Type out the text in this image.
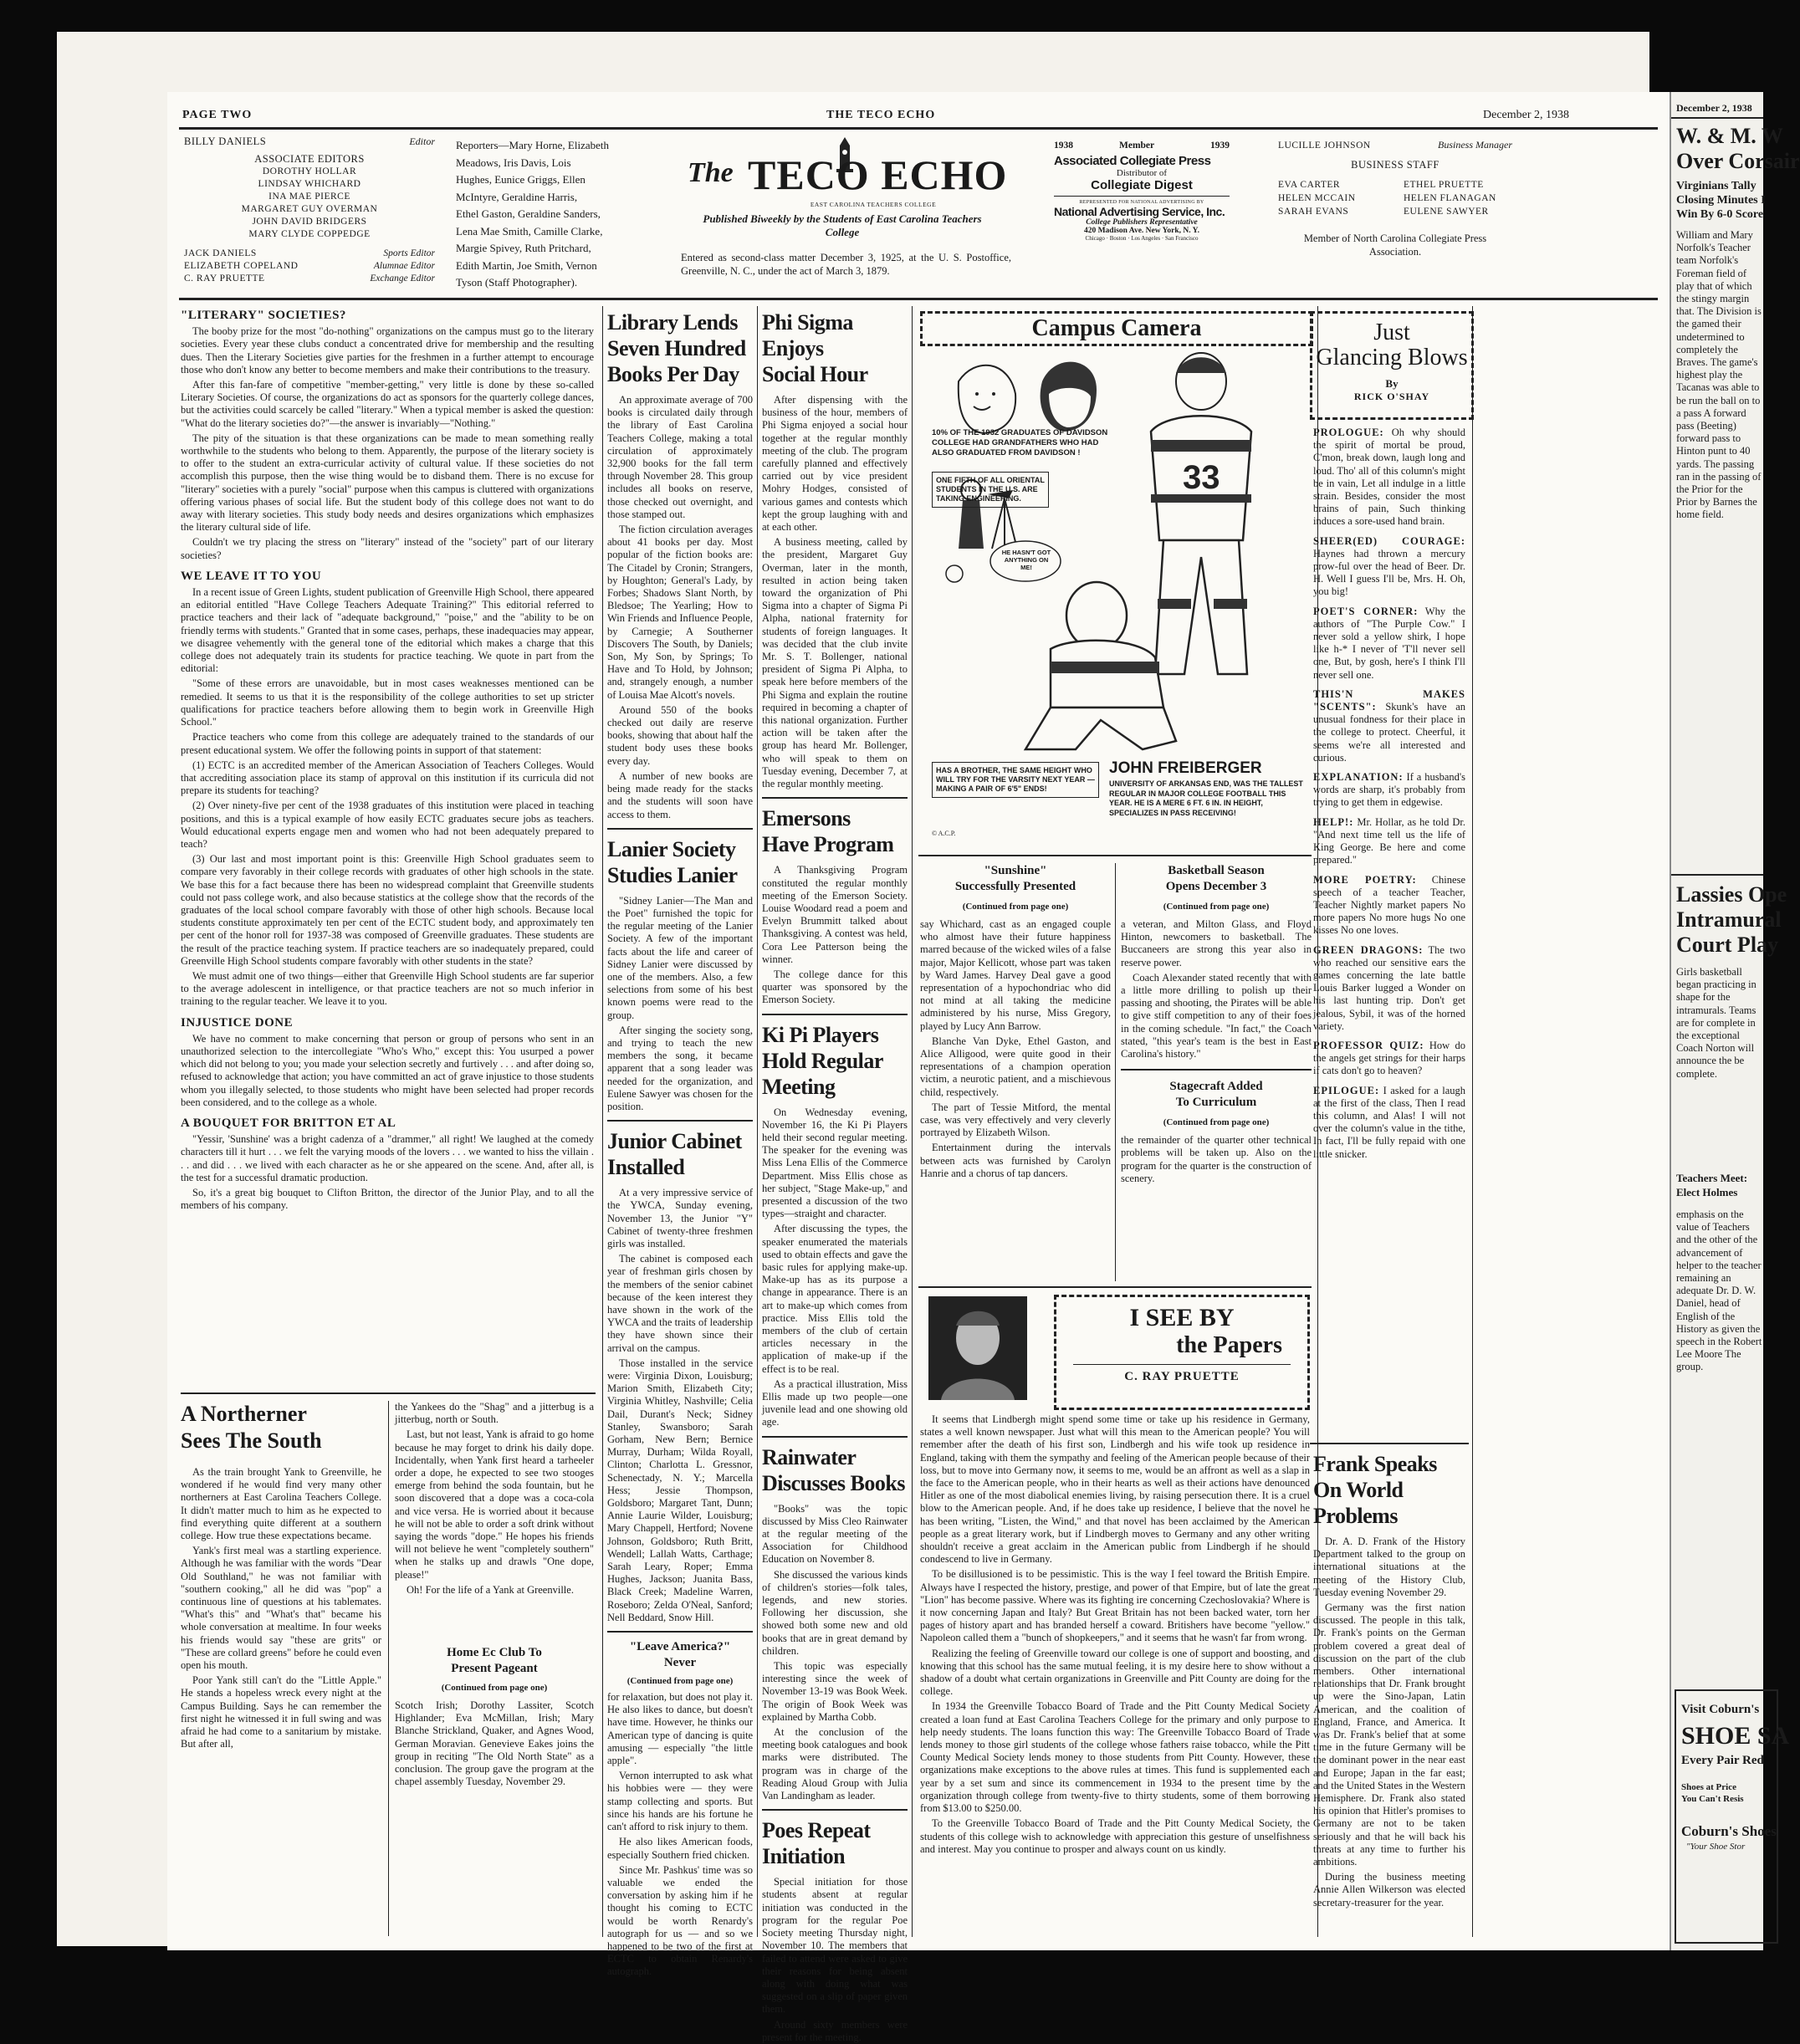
PAGE TWO	THE TECO ECHO	December 2, 1938
BILLY DANIELS	Editor
ASSOCIATE EDITORS
DOROTHY HOLLAR
LINDSAY WHICHARD
INA MAE PIERCE
MARGARET GUY OVERMAN
JOHN DAVID BRIDGERS
MARY CLYDE COPPEDGE
JACK DANIELS	Sports Editor
ELIZABETH COPELAND	Alumnae Editor
C. RAY PRUETTE	Exchange Editor
Reporters—Mary Horne, Elizabeth
Meadows, Iris Davis, Lois
Hughes, Eunice Griggs, Ellen
McIntyre, Geraldine Harris,
Ethel Gaston, Geraldine Sanders,
Lena Mae Smith, Camille Clarke,
Margie Spivey, Ruth Pritchard,
Edith Martin, Joe Smith, Vernon
Tyson (Staff Photographer).
The TECO ECHO
EAST CAROLINA TEACHERS COLLEGE
Published Biweekly by the Students of East Carolina Teachers College
Entered as second-class matter December 3, 1925, at the U. S. Postoffice, Greenville, N. C., under the act of March 3, 1879.
1938	Member	1939
Associated Collegiate Press
Distributor of
Collegiate Digest
REPRESENTED FOR NATIONAL ADVERTISING BY
National Advertising Service, Inc.
College Publishers Representative
420 Madison Ave. New York, N. Y.
Chicago · Boston · Los Angeles · San Francisco
LUCILLE JOHNSON	Business Manager
BUSINESS STAFF
EVA CARTER
HELEN MCCAIN
SARAH EVANS
ETHEL PRUETTE
HELEN FLANAGAN
EULENE SAWYER
Member of North Carolina Collegiate Press Association.
"LITERARY" SOCIETIES?

The booby prize for the most "do-nothing" organizations on the campus must go to the literary societies. Every year these clubs conduct a concentrated drive for membership and the resulting dues. Then the Literary Societies give parties for the freshmen in a further attempt to encourage those who don't know any better to become members and make their contributions to the treasury.

After this fan-fare of competitive "member-getting," very little is done by these so-called Literary Societies. Of course, the organizations do act as sponsors for the quarterly college dances, but the activities could scarcely be called "literary." When a typical member is asked the question: "What do the literary societies do?"—the answer is invariably—"Nothing."

The pity of the situation is that these organizations can be made to mean something really worthwhile to the students who belong to them. Apparently, the purpose of the literary society is to offer to the student an extra-curricular activity of cultural value. If these societies do not accomplish this purpose, then the wise thing would be to disband them. There is no excuse for "literary" societies with a purely "social" purpose when this campus is cluttered with organizations offering various phases of social life. But the student body of this college does not want to do away with literary societies. This study body needs and desires organizations which emphasizes the literary cultural side of life.

Couldn't we try placing the stress on "literary" instead of the "society" part of our literary societies?

WE LEAVE IT TO YOU

In a recent issue of Green Lights, student publication of Greenville High School, there appeared an editorial entitled "Have College Teachers Adequate Training?" This editorial referred to practice teachers and their lack of "adequate background," "poise," and the "ability to be on friendly terms with students." Granted that in some cases, perhaps, these inadequacies may appear, we disagree vehemently with the general tone of the editorial which makes a charge that this college does not adequately train its students for practice teaching. We quote in part from the editorial:

"Some of these errors are unavoidable, but in most cases weaknesses mentioned can be remedied. It seems to us that it is the responsibility of the college authorities to set up stricter qualifications for practice teachers before allowing them to begin work in Greenville High School."

Practice teachers who come from this college are adequately trained to the standards of our present educational system. We offer the following points in support of that statement:

(1) ECTC is an accredited member of the American Association of Teachers Colleges. Would that accrediting association place its stamp of approval on this institution if its curricula did not prepare its students for teaching?

(2) Over ninety-five per cent of the 1938 graduates of this institution were placed in teaching positions, and this is a typical example of how easily ECTC graduates secure jobs as teachers. Would educational experts engage men and women who had not been adequately prepared to teach?

(3) Our last and most important point is this: Greenville High School graduates seem to compare very favorably in their college records with graduates of other high schools in the state. We base this for a fact because there has been no widespread complaint that Greenville students could not pass college work, and also because statistics at the college show that the records of the graduates of the local school compare favorably with those of other high schools. Because local students constitute approximately ten per cent of the ECTC student body, and approximately ten per cent of the honor roll for 1937-38 was composed of Greenville graduates. These students are the result of the practice teaching system. If practice teachers are so inadequately prepared, could Greenville High School students compare favorably with other students in the state?

We must admit one of two things—either that Greenville High School students are far superior to the average adolescent in intelligence, or that practice teachers are not so much inferior in training to the regular teacher. We leave it to you.

INJUSTICE DONE

We have no comment to make concerning that person or group of persons who sent in an unauthorized selection to the intercollegiate "Who's Who," except this: You usurped a power which did not belong to you; you made your selection secretly and furtively . . . and after doing so, refused to acknowledge that action; you have committed an act of grave injustice to those students whom you illegally selected, to those students who might have been selected had proper records been considered, and to the college as a whole.

A BOUQUET FOR BRITTON ET AL

"Yessir, 'Sunshine' was a bright cadenza of a "drammer," all right! We laughed at the comedy characters till it hurt . . . we felt the varying moods of the lovers . . . we wanted to hiss the villain . . . and did . . . we lived with each character as he or she appeared on the scene. And, after all, is the test for a successful dramatic production.

So, it's a great big bouquet to Clifton Britton, the director of the Junior Play, and to all the members of his company.

A Northerner
Sees The South

As the train brought Yank to Greenville, he wondered if he would find very many other northerners at East Carolina Teachers College. It didn't matter much to him as he expected to find everything quite different at a southern college. How true these expectations became.

Yank's first meal was a startling experience. Although he was familiar with the words "Dear Old Southland," he was not familiar with "southern cooking," all he did was "pop" a continuous line of questions at his tablemates. "What's this" and "What's that" became his whole conversation at mealtime. In four weeks his friends would say "these are grits" or "These are collard greens" before he could even open his mouth.

Poor Yank still can't do the "Little Apple." He stands a hopeless wreck every night at the Campus Building. Says he can remember the first night he witnessed it in full swing and was afraid he had come to a sanitarium by mistake. But after all,

the Yankees do the "Shag" and a jitterbug is a jitterbug, north or South.

Last, but not least, Yank is afraid to go home because he may forget to drink his daily dope. Incidentally, when Yank first heard a tarheeler order a dope, he expected to see two stooges emerge from behind the soda fountain, but he soon discovered that a dope was a coca-cola and vice versa. He is worried about it because he will not be able to order a soft drink without saying the words "dope." He hopes his friends will not believe he went "completely southern" when he stalks up and drawls "One dope, please!"

Oh! For the life of a Yank at Greenville.

Home Ec Club To
Present Pageant
(Continued from page one)
Scotch Irish; Dorothy Lassiter, Scotch Highlander; Eva McMillan, Irish; Mary Blanche Strickland, Quaker, and Agnes Wood, German Moravian. Genevieve Eakes joins the group in reciting "The Old North State" as a conclusion. The group gave the program at the chapel assembly Tuesday, November 29.
Library Lends
Seven Hundred
Books Per Day

An approximate average of 700 books is circulated daily through the library of East Carolina Teachers College, making a total circulation of approximately 32,900 books for the fall term through November 28. This group includes all books on reserve, those checked out overnight, and those stamped out.

The fiction circulation averages about 41 books per day. Most popular of the fiction books are: The Citadel by Cronin; Strangers, by Houghton; General's Lady, by Forbes; Shadows Slant North, by Bledsoe; The Yearling; How to Win Friends and Influence People, by Carnegie; A Southerner Discovers The South, by Daniels; Son, My Son, by Springs; To Have and To Hold, by Johnson; and, strangely enough, a number of Louisa Mae Alcott's novels.

Around 550 of the books checked out daily are reserve books, showing that about half the student body uses these books every day.

A number of new books are being made ready for the stacks and the students will soon have access to them.

Lanier Society
Studies Lanier

"Sidney Lanier—The Man and the Poet" furnished the topic for the regular meeting of the Lanier Society. A few of the important facts about the life and career of Sidney Lanier were discussed by one of the members. Also, a few selections from some of his best known poems were read to the group.

After singing the society song, and trying to teach the new members the song, it became apparent that a song leader was needed for the organization, and Eulene Sawyer was chosen for the position.

Junior Cabinet
Installed

At a very impressive service of the YWCA, Sunday evening, November 13, the Junior "Y" Cabinet of twenty-three freshmen girls was installed.

The cabinet is composed each year of freshman girls chosen by the members of the senior cabinet because of the keen interest they have shown in the work of the YWCA and the traits of leadership they have shown since their arrival on the campus.

Those installed in the service were: Virginia Dixon, Louisburg; Marion Smith, Elizabeth City; Virginia Whitley, Nashville; Celia Dail, Durant's Neck; Sidney Stanley, Swansboro; Sarah Gorham, New Bern; Bernice Murray, Durham; Wilda Royall, Clinton; Charlotta L. Gressnor, Schenectady, N. Y.; Marcella Hess; Jessie Thompson, Goldsboro; Margaret Tant, Dunn; Annie Laurie Wilder, Louisburg; Mary Chappell, Hertford; Novene Johnson, Goldsboro; Ruth Britt, Wendell; Lallah Watts, Carthage; Sarah Leary, Roper; Emma Hughes, Jackson; Juanita Bass, Black Creek; Madeline Warren, Roseboro; Zelda O'Neal, Sanford; Nell Beddard, Snow Hill.

"Leave America?"
Never
(Continued from page one)

for relaxation, but does not play it. He also likes to dance, but doesn't have time. However, he thinks our American type of dancing is quite amusing — especially "the little apple".

Vernon interrupted to ask what his hobbies were — they were stamp collecting and sports. But since his hands are his fortune he can't afford to risk injury to them.

He also likes American foods, especially Southern fried chicken.

Since Mr. Pashkus' time was so valuable we ended the conversation by asking him if he thought his coming to ECTC would be worth Renardy's autograph for us — and so we happened to be two of the first at ECTC to obtain Renardy's autograph.

Phi Sigma
Enjoys
Social Hour

After dispensing with the business of the hour, members of Phi Sigma enjoyed a social hour together at the regular monthly meeting of the club. The program carefully planned and effectively carried out by vice president Mohry Hodges, consisted of various games and contests which kept the group laughing with and at each other.

A business meeting, called by the president, Margaret Guy Overman, later in the month, resulted in action being taken toward the organization of Phi Sigma into a chapter of Sigma Pi Alpha, national fraternity for students of foreign languages. It was decided that the club invite Mr. S. T. Bollenger, national president of Sigma Pi Alpha, to speak here before members of the Phi Sigma and explain the routine required in becoming a chapter of this national organization. Further action will be taken after the group has heard Mr. Bollenger, who will speak to them on Tuesday evening, December 7, at the regular monthly meeting.

Emersons
Have Program

A Thanksgiving Program constituted the regular monthly meeting of the Emerson Society. Louise Woodard read a poem and Evelyn Brummitt talked about Thanksgiving. A contest was held, Cora Lee Patterson being the winner.

The college dance for this quarter was sponsored by the Emerson Society.

Ki Pi Players
Hold Regular
Meeting

On Wednesday evening, November 16, the Ki Pi Players held their second regular meeting. The speaker for the evening was Miss Lena Ellis of the Commerce Department. Miss Ellis chose as her subject, "Stage Make-up," and presented a discussion of the two types—straight and character.

After discussing the types, the speaker enumerated the materials used to obtain effects and gave the basic rules for applying make-up. Make-up has as its purpose a change in appearance. There is an art to make-up which comes from practice. Miss Ellis told the members of the club of certain articles necessary in the application of make-up if the effect is to be real.

As a practical illustration, Miss Ellis made up two people—one juvenile lead and one showing old age.

Rainwater
Discusses Books

"Books" was the topic discussed by Miss Cleo Rainwater at the regular meeting of the Association for Childhood Education on November 8.

She discussed the various kinds of children's stories—folk tales, legends, and new stories. Following her discussion, she showed both some new and old books that are in great demand by children.

This topic was especially interesting since the week of November 13-19 was Book Week. The origin of Book Week was explained by Martha Cobb.

At the conclusion of the meeting book catalogues and book marks were distributed. The program was in charge of the Reading Aloud Group with Julia Van Landingham as leader.

Poes Repeat
Initiation

Special initiation for those students absent at regular initiation was conducted in the program for the regular Poe Society meeting Thursday night, November 10. The members that failed to attend were asked to give their reasons for being absent along with doing what was suggested on a slip of paper given them.

Around sixty members were present for the meeting.

Campus Camera
33
10% OF THE 1932 GRADUATES OF DAVIDSON COLLEGE HAD GRANDFATHERS WHO HAD ALSO GRADUATED FROM DAVIDSON !
ONE FIFTH OF ALL ORIENTAL STUDENTS IN THE U.S. ARE TAKING ENGINEERING.
HE HASN'T GOT ANYTHING ON ME!
HAS A BROTHER, THE SAME HEIGHT WHO WILL TRY FOR THE VARSITY NEXT YEAR — MAKING A PAIR OF 6'5" ENDS!
JOHN FREIBERGER
UNIVERSITY OF ARKANSAS END, WAS THE TALLEST REGULAR IN MAJOR COLLEGE FOOTBALL THIS YEAR. HE IS A MERE 6 FT. 6 IN. IN HEIGHT, SPECIALIZES IN PASS RECEIVING!
© A.C.P.
"Sunshine"
Successfully Presented
(Continued from page one)

say Whichard, cast as an engaged couple who almost have their future happiness marred because of the wicked wiles of a false major, Major Kellicott, whose part was taken by Ward James. Harvey Deal gave a good representation of a hypochondriac who did not mind at all taking the medicine administered by his nurse, Miss Gregory, played by Lucy Ann Barrow.

Blanche Van Dyke, Ethel Gaston, and Alice Alligood, were quite good in their representations of a champion operation victim, a neurotic patient, and a mischievous child, respectively.

The part of Tessie Mitford, the mental case, was very effectively and very cleverly portrayed by Elizabeth Wilson.

Entertainment during the intervals between acts was furnished by Carolyn Hanrie and a chorus of tap dancers.

Basketball Season
Opens December 3
(Continued from page one)

a veteran, and Milton Glass, and Floyd Hinton, newcomers to basketball. The Buccaneers are strong this year also in reserve power.

Coach Alexander stated recently that with a little more drilling to polish up their passing and shooting, the Pirates will be able to give stiff competition to any of their foes in the coming schedule. "In fact," the Coach stated, "this year's team is the best in East Carolina's history."

Stagecraft Added
To Curriculum
(Continued from page one)
the remainder of the quarter other technical problems will be taken up. Also on the program for the quarter is the construction of scenery.
I SEE BY
the Papers
C. RAY PRUETTE

It seems that Lindbergh might spend some time or take up his residence in Germany, states a well known newspaper. Just what will this mean to the American people? You will remember after the death of his first son, Lindbergh and his wife took up residence in England, taking with them the sympathy and feeling of the American people because of their loss, but to move into Germany now, it seems to me, would be an affront as well as a slap in the face to the American people, who in their hearts as well as their actions have denounced Hitler as one of the most diabolical enemies living, by raising persecution there. It is a cruel blow to the American people. And, if he does take up residence, I believe that the novel he has been writing, "Listen, the Wind," and that novel has been acclaimed by the American people as a great literary work, but if Lindbergh moves to Germany and any other writing shouldn't receive a great acclaim in the American public from Lindbergh if he should condescend to live in Germany.

To be disillusioned is to be pessimistic. This is the way I feel toward the British Empire. Always have I respected the history, prestige, and power of that Empire, but of late the great "Lion" has become passive. Where was its fighting ire concerning Czechoslovakia? Where is it now concerning Japan and Italy? But Great Britain has not been backed water, torn her pages of history apart and has branded herself a coward. Britishers have become "yellow." Napoleon called them a "bunch of shopkeepers," and it seems that he wasn't far from wrong.

Realizing the feeling of Greenville toward our college is one of support and boosting, and knowing that this school has the same mutual feeling, it is my desire here to show without a shadow of a doubt what certain organizations in Greenville and Pitt County are doing for the college.

In 1934 the Greenville Tobacco Board of Trade and the Pitt County Medical Society created a loan fund at East Carolina Teachers College for the primary and only purpose to help needy students. The loans function this way: The Greenville Tobacco Board of Trade lends money to those girl students of the college whose fathers raise tobacco, while the Pitt County Medical Society lends money to those students from Pitt County. However, these organizations make exceptions to the above rules at times. This fund is supplemented each year by a set sum and since its commencement in 1934 to the present time by the organization through college from twenty-five to thirty students, some of them borrowing from $13.00 to $250.00.

To the Greenville Tobacco Board of Trade and the Pitt County Medical Society, the students of this college wish to acknowledge with appreciation this gesture of unselfishness and interest. May you continue to prosper and always count on us kindly.

Just
Glancing Blows
By
RICK O'SHAY

PROLOGUE: Oh why should the spirit of mortal be proud, C'mon, break down, laugh long and loud. Tho' all of this column's might be in vain, Let all indulge in a little strain. Besides, consider the most brains of pain, Such thinking induces a sore-used hand brain.

SHEER(ED) COURAGE: Haynes had thrown a mercury prow-ful over the head of Beer. Dr. H. Well I guess I'll be, Mrs. H. Oh, you big!

POET'S CORNER: Why the authors of "The Purple Cow." I never sold a yellow shirk, I hope like h-* I never of 'T'll never sell one, But, by gosh, here's I think I'll never sell one.

THIS'N MAKES "SCENTS": Skunk's have an unusual fondness for their place in the college to protect. Cheerful, it seems we're all interested and curious.

EXPLANATION: If a husband's words are sharp, it's probably from trying to get them in edgewise.

HELP!: Mr. Hollar, as he told Dr. "And next time tell us the life of King George. Be here and come prepared."

MORE POETRY: Chinese speech of a teacher Teacher, Teacher Nightly market papers No more papers No more hugs No one kisses No one loves.

GREEN DRAGONS: The two who reached our sensitive ears the games concerning the late battle Louis Barker lugged a Wonder on his last hunting trip. Don't get jealous, Sybil, it was of the horned variety.

PROFESSOR QUIZ: How do the angels get strings for their harps if cats don't go to heaven?

EPILOGUE: I asked for a laugh at the first of the class, Then I read this column, and Alas! I will not over the column's value in the tithe, In fact, I'll be fully repaid with one little snicker.

Frank Speaks
On World
Problems

Dr. A. D. Frank of the History Department talked to the group on international situations at the meeting of the History Club, Tuesday evening November 29.

Germany was the first nation discussed. The people in this talk, Dr. Frank's points on the German problem covered a great deal of discussion on the part of the club members. Other international relationships that Dr. Frank brought up were the Sino-Japan, Latin American, and the coalition of England, France, and America. It was Dr. Frank's belief that at some time in the future Germany will be the dominant power in the near east and Europe; Japan in the far east; and the United States in the Western Hemisphere. Dr. Frank also stated his opinion that Hitler's promises to Germany are not to be taken seriously and that he will back his threats at any time to further his ambitions.

During the business meeting Annie Allen Wilkerson was elected secretary-treasurer for the year.

December 2, 1938
W. & M. W
Over Corsair
Virginians Tally
Closing Minutes I
Win By 6-0 Score
William and Mary Norfolk's Teacher team Norfolk's Foreman field of play that of which the stingy margin that. The Division is the gamed their undetermined to completely the Braves. The game's highest play the Tacanas was able to be run the ball on to a pass A forward pass (Beeting) forward pass to Hinton punt to 40 yards. The passing ran in the passing of the Prior for the Prior by Barnes the home field.
Lassies Ope
Intramural
Court Play
Girls basketball began practicing in shape for the intramurals. Teams are for complete in the exceptional Coach Norton will announce the be complete.
Teachers Meet:
Elect Holmes
emphasis on the value of Teachers and the other of the advancement of helper to the teacher remaining an adequate Dr. D. W. Daniel, head of English of the History as given the speech in the Robert Lee Moore The group.
Visit Coburn's
SHOE SA
Every Pair Red
Shoes at Price
You Can't Resis
Coburn's Shoes
"Your Shoe Stor
